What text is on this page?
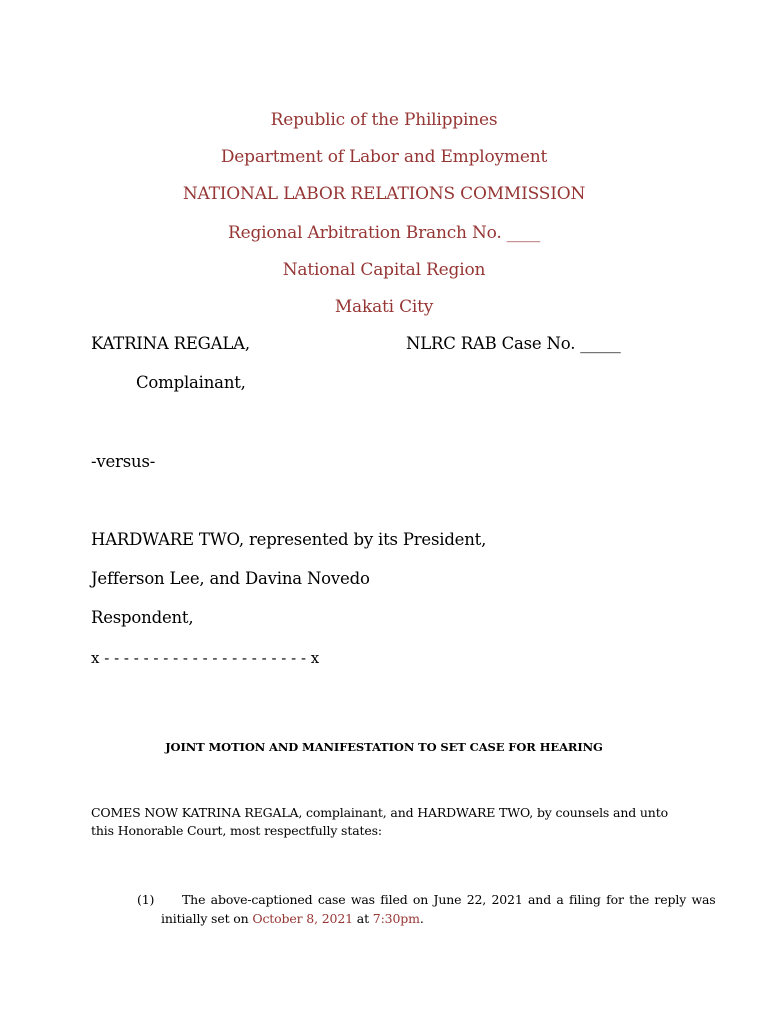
Republic of the Philippines
Department of Labor and Employment
NATIONAL LABOR RELATIONS COMMISSION
Regional Arbitration Branch No. ____
National Capital Region
Makati City
KATRINA REGALA,	NLRC RAB Case No. _____
Complainant,
-versus-
HARDWARE TWO, represented by its President,
Jefferson Lee, and Davina Novedo
Respondent,
x - - - - - - - - - - - - - - - - - - - - - x
JOINT MOTION AND MANIFESTATION TO SET CASE FOR HEARING
COMES NOW KATRINA REGALA, complainant, and HARDWARE TWO, by counsels and unto
this Honorable Court, most respectfully states:
(1) The above-captioned case was filed on June 22, 2021 and a filing for the reply was
initially set on October 8, 2021 at 7:30pm.
